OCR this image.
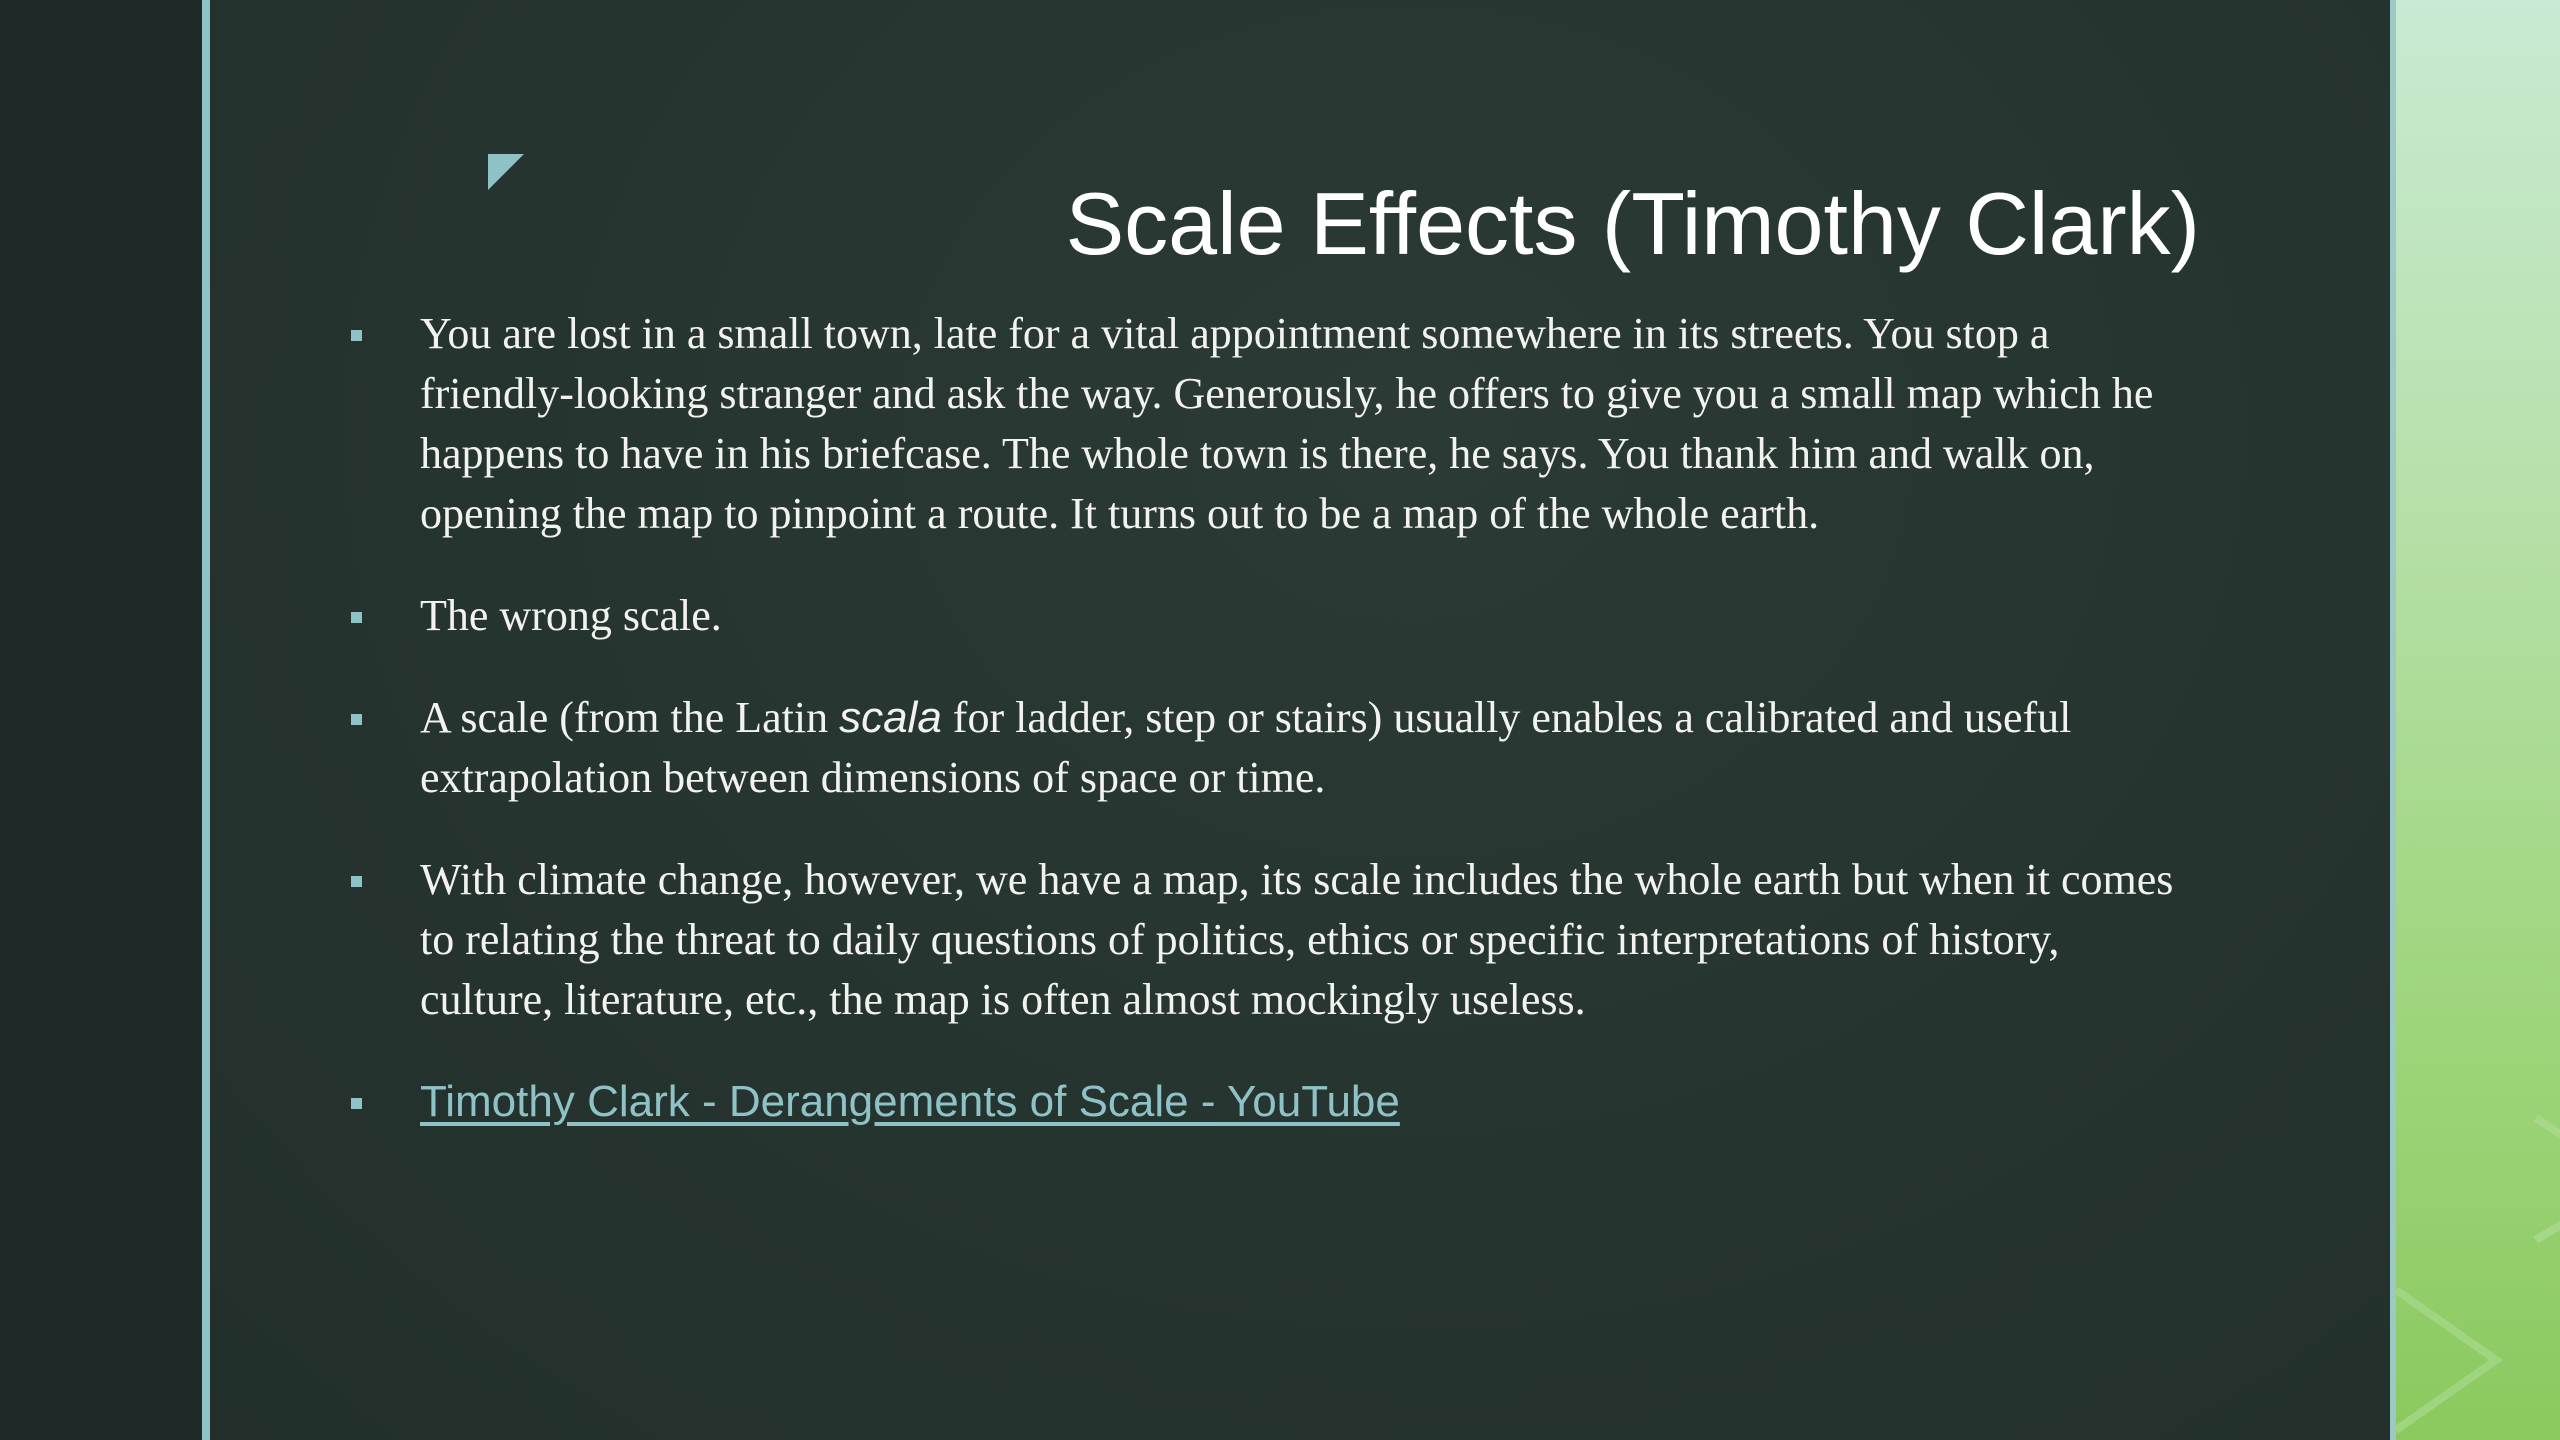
Scale Effects (Timothy Clark)
You are lost in a small town, late for a vital appointment somewhere in its streets. You stop a friendly-looking stranger and ask the way. Generously, he offers to give you a small map which he happens to have in his briefcase. The whole town is there, he says. You thank him and walk on, opening the map to pinpoint a route. It turns out to be a map of the whole earth.
The wrong scale.
A scale (from the Latin scala for ladder, step or stairs) usually enables a calibrated and useful extrapolation between dimensions of space or time.
With climate change, however, we have a map, its scale includes the whole earth but when it comes to relating the threat to daily questions of politics, ethics or specific interpretations of history, culture, literature, etc., the map is often almost mockingly useless.
Timothy Clark - Derangements of Scale - YouTube
